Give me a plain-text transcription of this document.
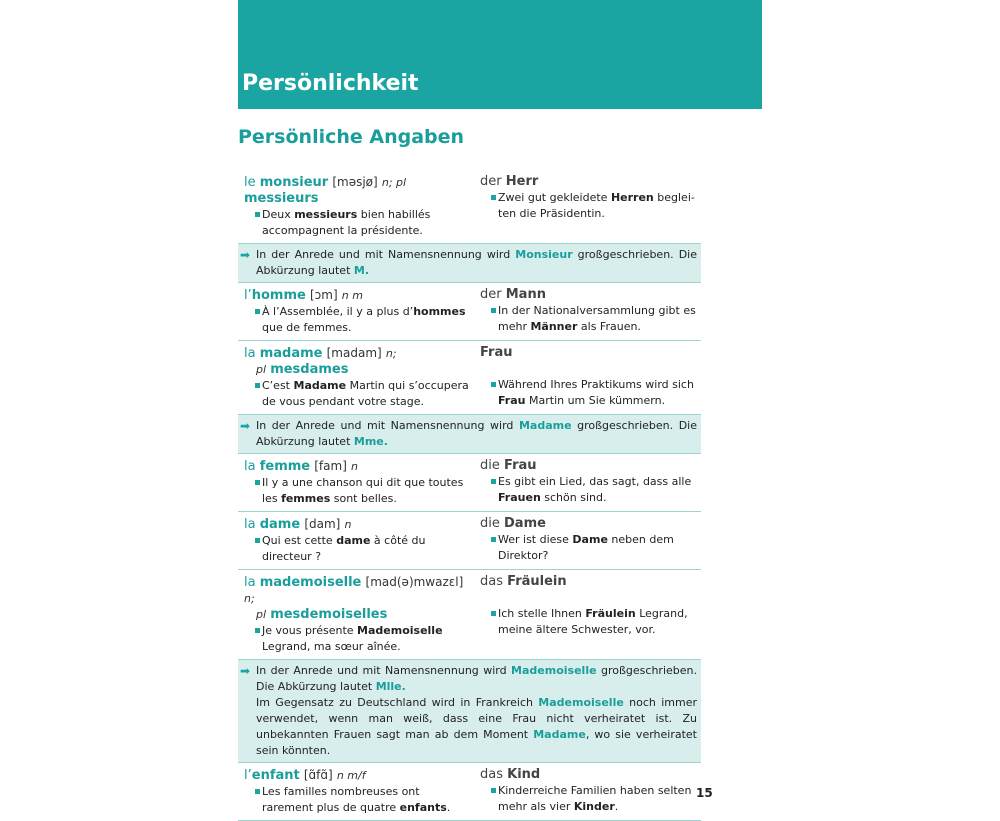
Persönlichkeit
Persönliche Angaben
le monsieur [məsjø] n; pl messieurs
Deux messieurs bien habillés accompagnent la présidente.
der Herr
Zwei gut gekleidete Herren beglei-ten die Präsidentin.
➡ In der Anrede und mit Namensnennung wird Monsieur großgeschrieben. Die Abkürzung lautet M.
l’homme [ɔm] n m
À l’Assemblée, il y a plus d’hommes que de femmes.
der Mann
In der Nationalversammlung gibt es mehr Männer als Frauen.
la madame [madam] n;
pl mesdames
C’est Madame Martin qui s’occupera de vous pendant votre stage.
Frau

Während Ihres Praktikums wird sich Frau Martin um Sie kümmern.
➡ In der Anrede und mit Namensnennung wird Madame großgeschrieben. Die Abkürzung lautet Mme.
la femme [fam] n
Il y a une chanson qui dit que toutes les femmes sont belles.
die Frau
Es gibt ein Lied, das sagt, dass alle Frauen schön sind.
la dame [dam] n
Qui est cette dame à côté du directeur ?
die Dame
Wer ist diese Dame neben dem Direktor?
la mademoiselle [mad(ə)mwazɛl] n;
pl mesdemoiselles
Je vous présente Mademoiselle Legrand, ma sœur aînée.
das Fräulein

Ich stelle Ihnen Fräulein Legrand, meine ältere Schwester, vor.
➡ In der Anrede und mit Namensnennung wird Mademoiselle großgeschrieben. Die Abkürzung lautet Mlle.
Im Gegensatz zu Deutschland wird in Frankreich Mademoiselle noch immer verwendet, wenn man weiß, dass eine Frau nicht verheiratet ist. Zu unbekannten Frauen sagt man ab dem Moment Madame, wo sie verheiratet sein könnten.
l’enfant [ɑ̃fɑ̃] n m/f
Les familles nombreuses ont rarement plus de quatre enfants.
das Kind
Kinderreiche Familien haben selten mehr als vier Kinder.
15
